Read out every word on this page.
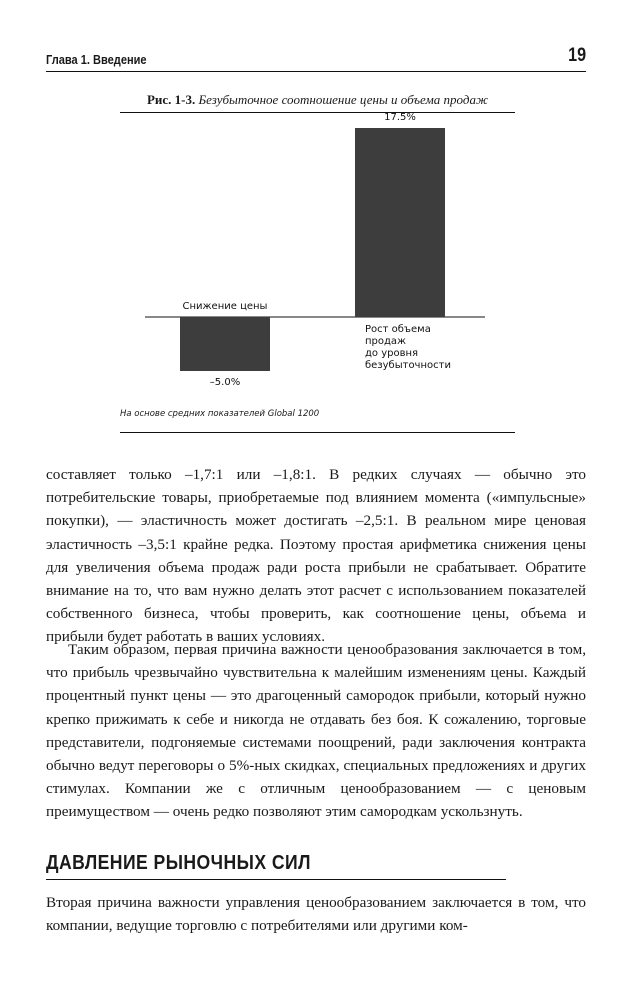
Глава 1. Введение	19
Рис. 1-3. Безубыточное соотношение цены и объема продаж
На основе средних показателей Global 1200
–5.0%
Снижение цены
17.5%
Рост объема
продаж
до уровня
безубыточности

составляет только –1,7:1 или –1,8:1. В редких случаях — обычно это потребительские товары, приобретаемые под влиянием момента («импульсные» покупки), — эластичность может достигать –2,5:1. В реальном мире ценовая эластичность –3,5:1 крайне редка. Поэтому простая арифметика снижения цены для увеличения объема продаж ради роста прибыли не срабатывает. Обратите внимание на то, что вам нужно делать этот расчет с использованием показателей собственного бизнеса, чтобы проверить, как соотношение цены, объема и прибыли будет работать в ваших условиях.

Таким образом, первая причина важности ценообразования заключается в том, что прибыль чрезвычайно чувствительна к малейшим изменениям цены. Каждый процентный пункт цены — это драгоценный самородок прибыли, который нужно крепко прижимать к себе и никогда не отдавать без боя. К сожалению, торговые представители, подгоняемые системами поощрений, ради заключения контракта обычно ведут переговоры о 5%-ных скидках, специальных предложениях и других стимулах. Компании же с отличным ценообразованием — с ценовым преимуществом — очень редко позволяют этим самородкам ускользнуть.

ДАВЛЕНИЕ РЫНОЧНЫХ СИЛ

Вторая причина важности управления ценообразованием заключается в том, что компании, ведущие торговлю с потребителями или другими ком-
